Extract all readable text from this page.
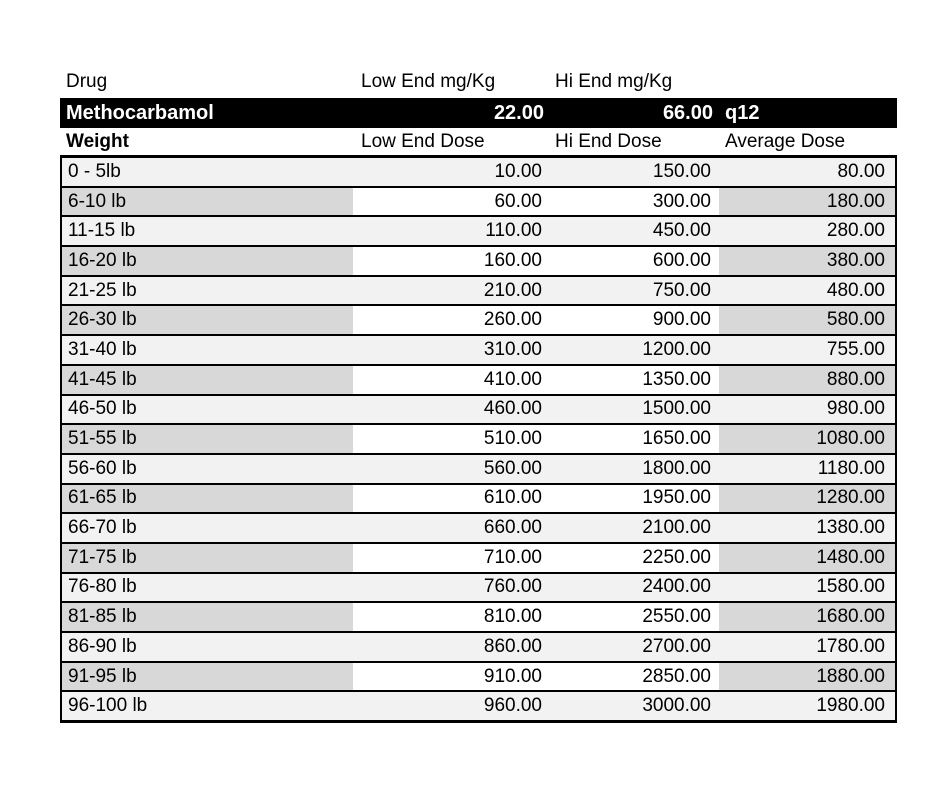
Drug	Low End mg/Kg	Hi End mg/Kg
Methocarbamol	22.00	66.00 q12
Weight	Low End Dose	Hi End Dose	Average Dose
0 - 5lb	10.00	150.00	80.00
6-10 lb	60.00	300.00	180.00
11-15 lb	110.00	450.00	280.00
16-20 lb	160.00	600.00	380.00
21-25 lb	210.00	750.00	480.00
26-30 lb	260.00	900.00	580.00
31-40 lb	310.00	1200.00	755.00
41-45 lb	410.00	1350.00	880.00
46-50 lb	460.00	1500.00	980.00
51-55 lb	510.00	1650.00	1080.00
56-60 lb	560.00	1800.00	1180.00
61-65 lb	610.00	1950.00	1280.00
66-70 lb	660.00	2100.00	1380.00
71-75 lb	710.00	2250.00	1480.00
76-80 lb	760.00	2400.00	1580.00
81-85 lb	810.00	2550.00	1680.00
86-90 lb	860.00	2700.00	1780.00
91-95 lb	910.00	2850.00	1880.00
96-100 lb	960.00	3000.00	1980.00
